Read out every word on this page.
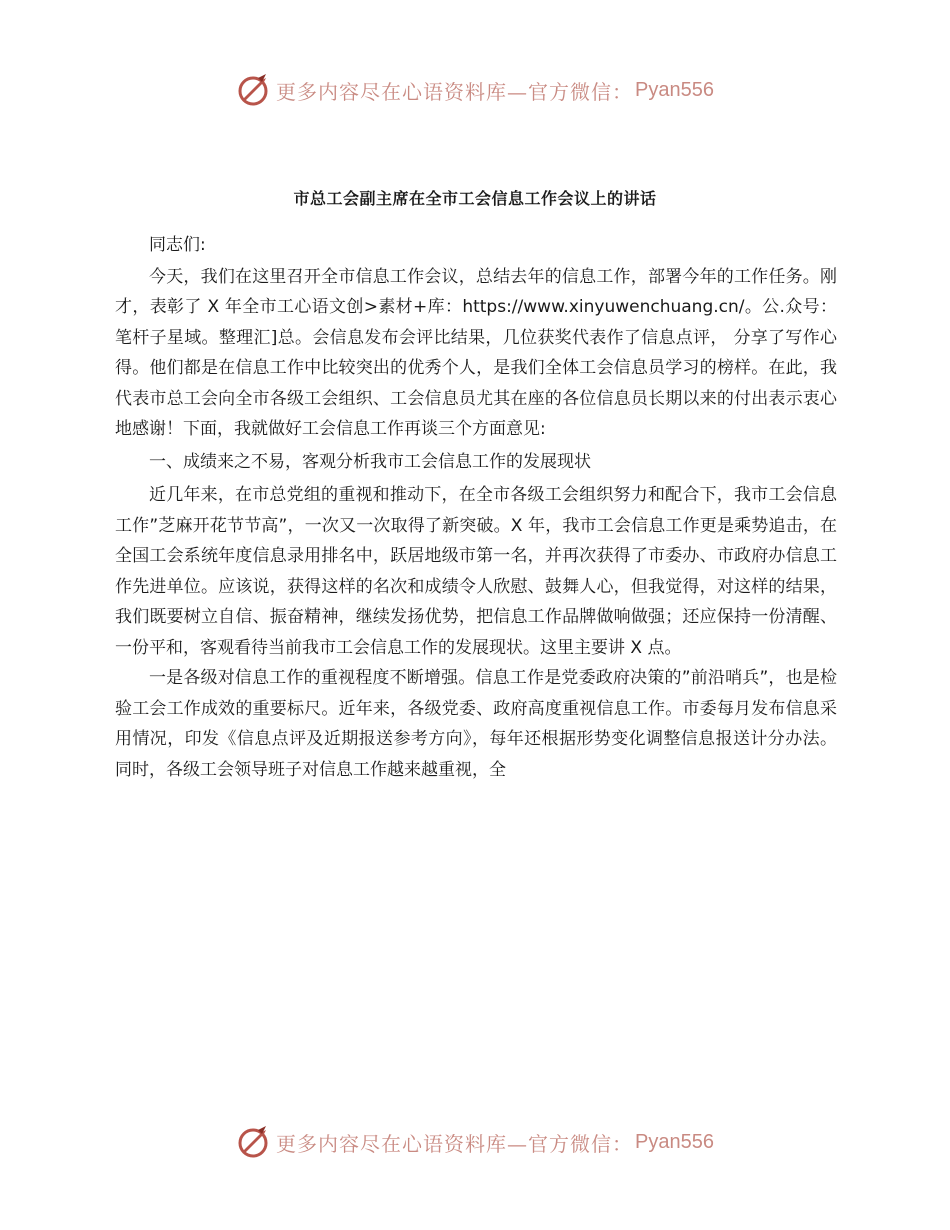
更多内容尽在心语资料库—官方微信： Pyan556
市总工会副主席在全市工会信息工作会议上的讲话

同志们:

今天，我们在这里召开全市信息工作会议，总结去年的信息工作，部署今年的工作任务。刚才，表彰了 X 年全市工心语文创>素材+库：https://www.xinyuwenchuang.cn/。公.众号：笔杆子星域。整理汇]总。会信息发布会评比结果，几位获奖代表作了信息点评， 分享了写作心得。他们都是在信息工作中比较突出的优秀个人，是我们全体工会信息员学习的榜样。在此，我代表市总工会向全市各级工会组织、工会信息员尤其在座的各位信息员长期以来的付出表示衷心地感谢！下面，我就做好工会信息工作再谈三个方面意见:

一、成绩来之不易，客观分析我市工会信息工作的发展现状

近几年来，在市总党组的重视和推动下，在全市各级工会组织努力和配合下，我市工会信息工作”芝麻开花节节高”，一次又一次取得了新突破。X 年，我市工会信息工作更是乘势追击，在全国工会系统年度信息录用排名中，跃居地级市第一名，并再次获得了市委办、市政府办信息工作先进单位。应该说，获得这样的名次和成绩令人欣慰、鼓舞人心，但我觉得，对这样的结果，我们既要树立自信、振奋精神，继续发扬优势，把信息工作品牌做响做强；还应保持一份清醒、一份平和，客观看待当前我市工会信息工作的发展现状。这里主要讲 X 点。

一是各级对信息工作的重视程度不断增强。信息工作是党委政府决策的”前沿哨兵”，也是检验工会工作成效的重要标尺。近年来，各级党委、政府高度重视信息工作。市委每月发布信息采用情况，印发《信息点评及近期报送参考方向》，每年还根据形势变化调整信息报送计分办法。同时，各级工会领导班子对信息工作越来越重视，全

更多内容尽在心语资料库—官方微信： Pyan556
